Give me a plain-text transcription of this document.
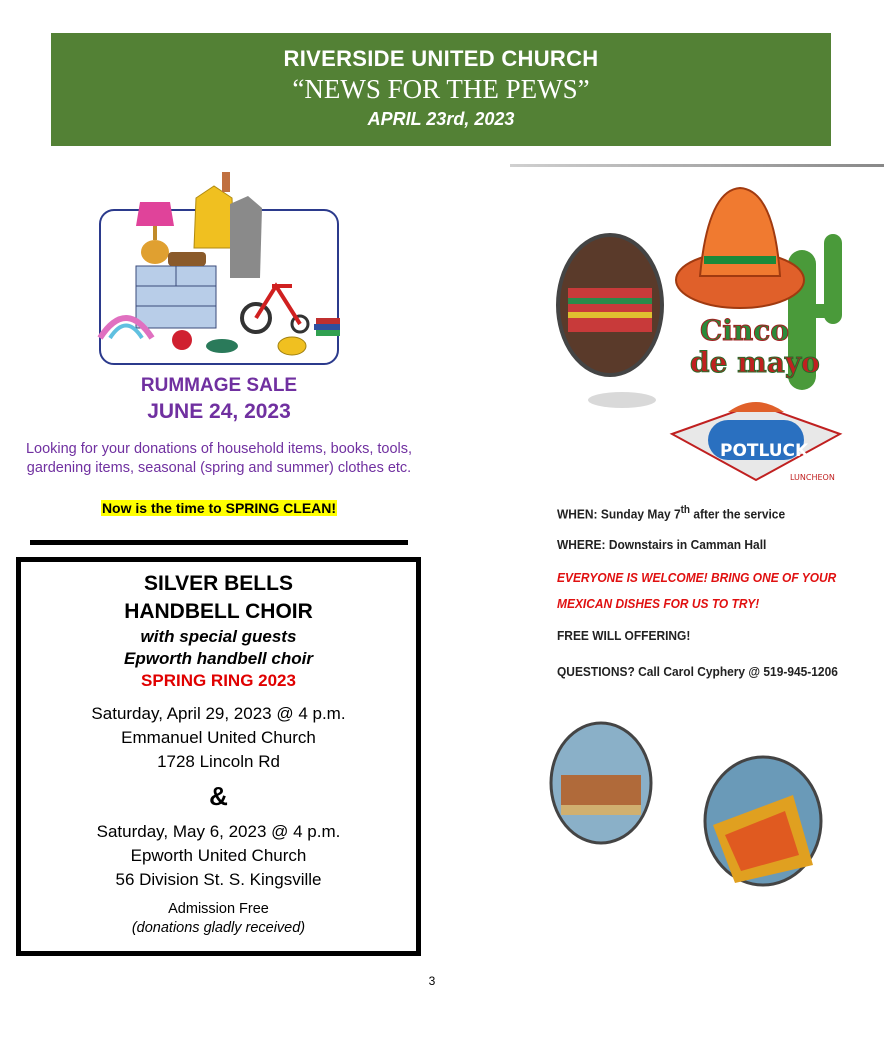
RIVERSIDE UNITED CHURCH
“NEWS FOR THE PEWS”
APRIL 23rd, 2023
RUMMAGE SALE
JUNE 24, 2023
Looking for your donations of household items, books, tools, gardening items, seasonal (spring and summer) clothes etc.
Now is the time to SPRING CLEAN!
SILVER BELLS
HANDBELL CHOIR
with special guests
Epworth handbell choir
SPRING RING 2023
Saturday, April 29, 2023 @ 4 p.m.
Emmanuel United Church
1728 Lincoln Rd
&
Saturday, May 6, 2023 @ 4 p.m.
Epworth United Church
56 Division St. S. Kingsville
Admission Free
(donations gladly received)
Cinco
de mayo
POTLUCK
LUNCHEON
WHEN: Sunday May 7th after the service
WHERE: Downstairs in Camman Hall
EVERYONE IS WELCOME! BRING ONE OF YOUR
MEXICAN DISHES FOR US TO TRY!
FREE WILL OFFERING!
QUESTIONS? Call Carol Cyphery @ 519-945-1206
3
